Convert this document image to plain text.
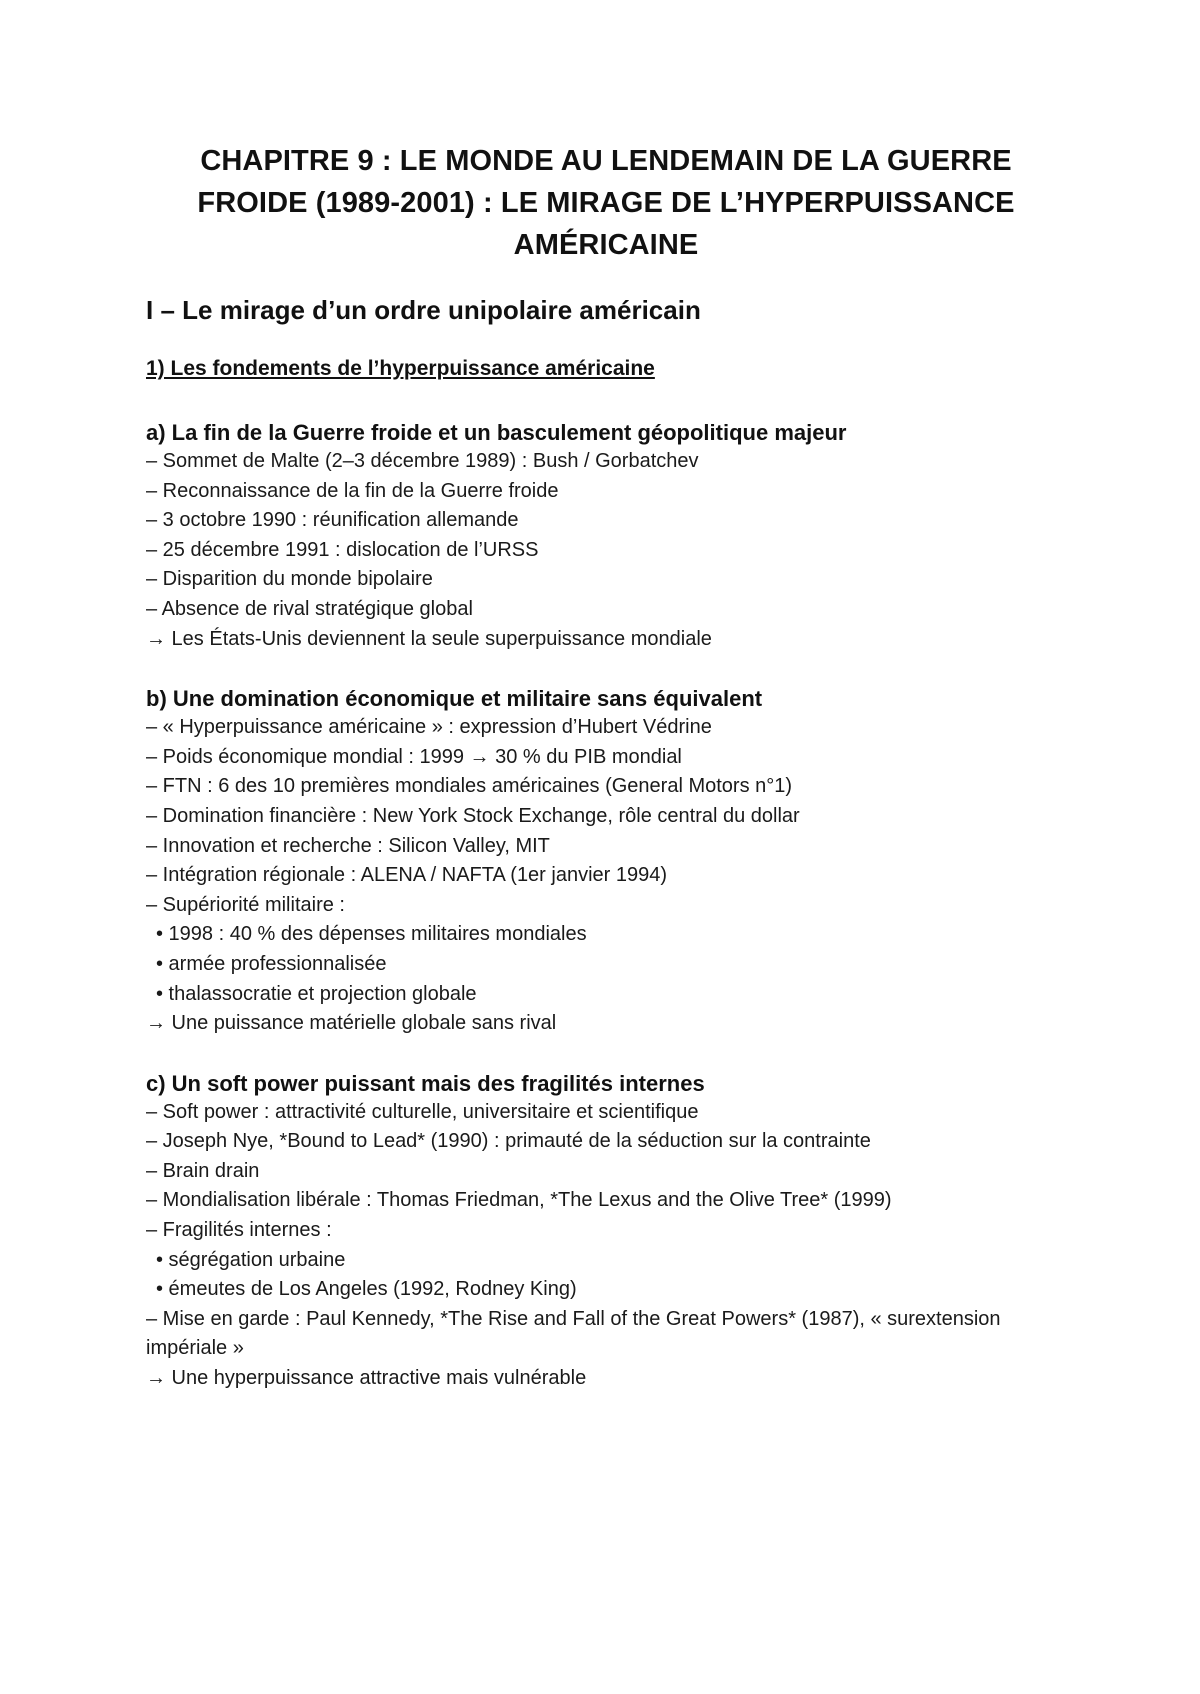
CHAPITRE 9 : LE MONDE AU LENDEMAIN DE LA GUERRE FROIDE (1989-2001) : LE MIRAGE DE L’HYPERPUISSANCE AMÉRICAINE
I – Le mirage d’un ordre unipolaire américain
1) Les fondements de l’hyperpuissance américaine
a) La fin de la Guerre froide et un basculement géopolitique majeur

– Sommet de Malte (2–3 décembre 1989) : Bush / Gorbatchev

– Reconnaissance de la fin de la Guerre froide

– 3 octobre 1990 : réunification allemande

– 25 décembre 1991 : dislocation de l’URSS

– Disparition du monde bipolaire

– Absence de rival stratégique global

→ Les États-Unis deviennent la seule superpuissance mondiale

b) Une domination économique et militaire sans équivalent

– « Hyperpuissance américaine » : expression d’Hubert Védrine

– Poids économique mondial : 1999 → 30 % du PIB mondial

– FTN : 6 des 10 premières mondiales américaines (General Motors n°1)

– Domination financière : New York Stock Exchange, rôle central du dollar

– Innovation et recherche : Silicon Valley, MIT

– Intégration régionale : ALENA / NAFTA (1er janvier 1994)

– Supériorité militaire :

• 1998 : 40 % des dépenses militaires mondiales

• armée professionnalisée

• thalassocratie et projection globale

→ Une puissance matérielle globale sans rival

c) Un soft power puissant mais des fragilités internes

– Soft power : attractivité culturelle, universitaire et scientifique

– Joseph Nye, *Bound to Lead* (1990) : primauté de la séduction sur la contrainte

– Brain drain

– Mondialisation libérale : Thomas Friedman, *The Lexus and the Olive Tree* (1999)

– Fragilités internes :

• ségrégation urbaine

• émeutes de Los Angeles (1992, Rodney King)

– Mise en garde : Paul Kennedy, *The Rise and Fall of the Great Powers* (1987), « surextension impériale »

→ Une hyperpuissance attractive mais vulnérable
